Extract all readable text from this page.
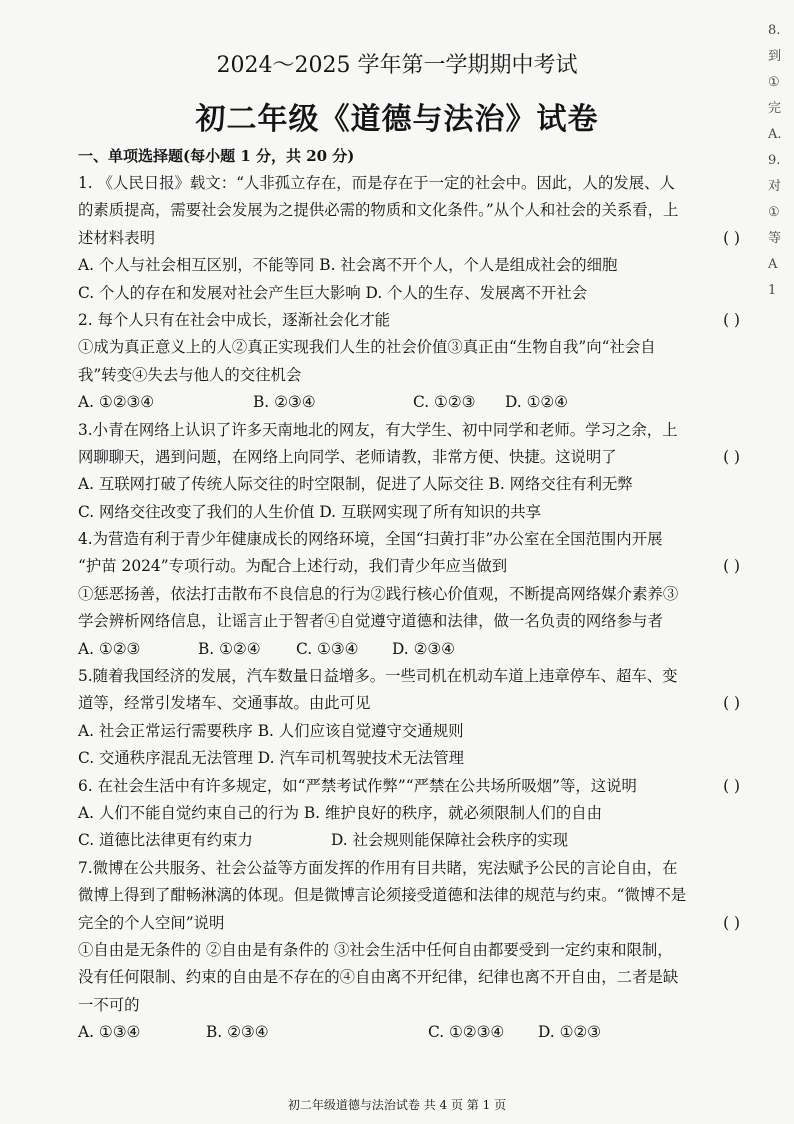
2024～2025 学年第一学期期中考试
初二年级《道德与法治》试卷
一、单项选择题(每小题 1 分，共 20 分)
1. 《人民日报》载文：“人非孤立存在，而是存在于一定的社会中。因此，人的发展、人
的素质提高，需要社会发展为之提供必需的物质和文化条件。”从个人和社会的关系看，上
述材料表明	( )
A. 个人与社会相互区别，不能等同 B. 社会离不开个人，个人是组成社会的细胞
C. 个人的存在和发展对社会产生巨大影响 D. 个人的生存、发展离不开社会
2. 每个人只有在社会中成长，逐渐社会化才能	( )
①成为真正意义上的人②真正实现我们人生的社会价值③真正由“生物自我”向“社会自
我”转变④失去与他人的交往机会
A. ①②③④	B. ②③④	C. ①②③	D. ①②④
3.小青在网络上认识了许多天南地北的网友，有大学生、初中同学和老师。学习之余，上
网聊聊天，遇到问题，在网络上向同学、老师请教，非常方便、快捷。这说明了	( )
A. 互联网打破了传统人际交往的时空限制，促进了人际交往 B. 网络交往有利无弊
C. 网络交往改变了我们的人生价值 D. 互联网实现了所有知识的共享
4.为营造有利于青少年健康成长的网络环境，全国“扫黄打非”办公室在全国范围内开展
“护苗 2024”专项行动。为配合上述行动，我们青少年应当做到	( )
①惩恶扬善，依法打击散布不良信息的行为②践行核心价值观，不断提高网络媒介素养③
学会辨析网络信息，让谣言止于智者④自觉遵守道德和法律，做一名负责的网络参与者
A. ①②③	B. ①②④	C. ①③④	D. ②③④
5.随着我国经济的发展，汽车数量日益增多。一些司机在机动车道上违章停车、超车、变
道等，经常引发堵车、交通事故。由此可见	( )
A. 社会正常运行需要秩序 B. 人们应该自觉遵守交通规则
C. 交通秩序混乱无法管理 D. 汽车司机驾驶技术无法管理
6. 在社会生活中有许多规定，如“严禁考试作弊”“严禁在公共场所吸烟”等，这说明	( )
A. 人们不能自觉约束自己的行为 B. 维护良好的秩序，就必须限制人们的自由
C. 道德比法律更有约束力	D. 社会规则能保障社会秩序的实现
7.微博在公共服务、社会公益等方面发挥的作用有目共睹，宪法赋予公民的言论自由，在
微博上得到了酣畅淋漓的体现。但是微博言论须接受道德和法律的规范与约束。“微博不是
完全的个人空间”说明	( )
①自由是无条件的 ②自由是有条件的 ③社会生活中任何自由都要受到一定约束和限制，
没有任何限制、约束的自由是不存在的④自由离不开纪律，纪律也离不开自由，二者是缺
一不可的
A. ①③④	B. ②③④	C. ①②③④	D. ①②③
初二年级道德与法治试卷 共 4 页 第 1 页
8.
到
①
完
A.
9.
对
①
等
A
1
